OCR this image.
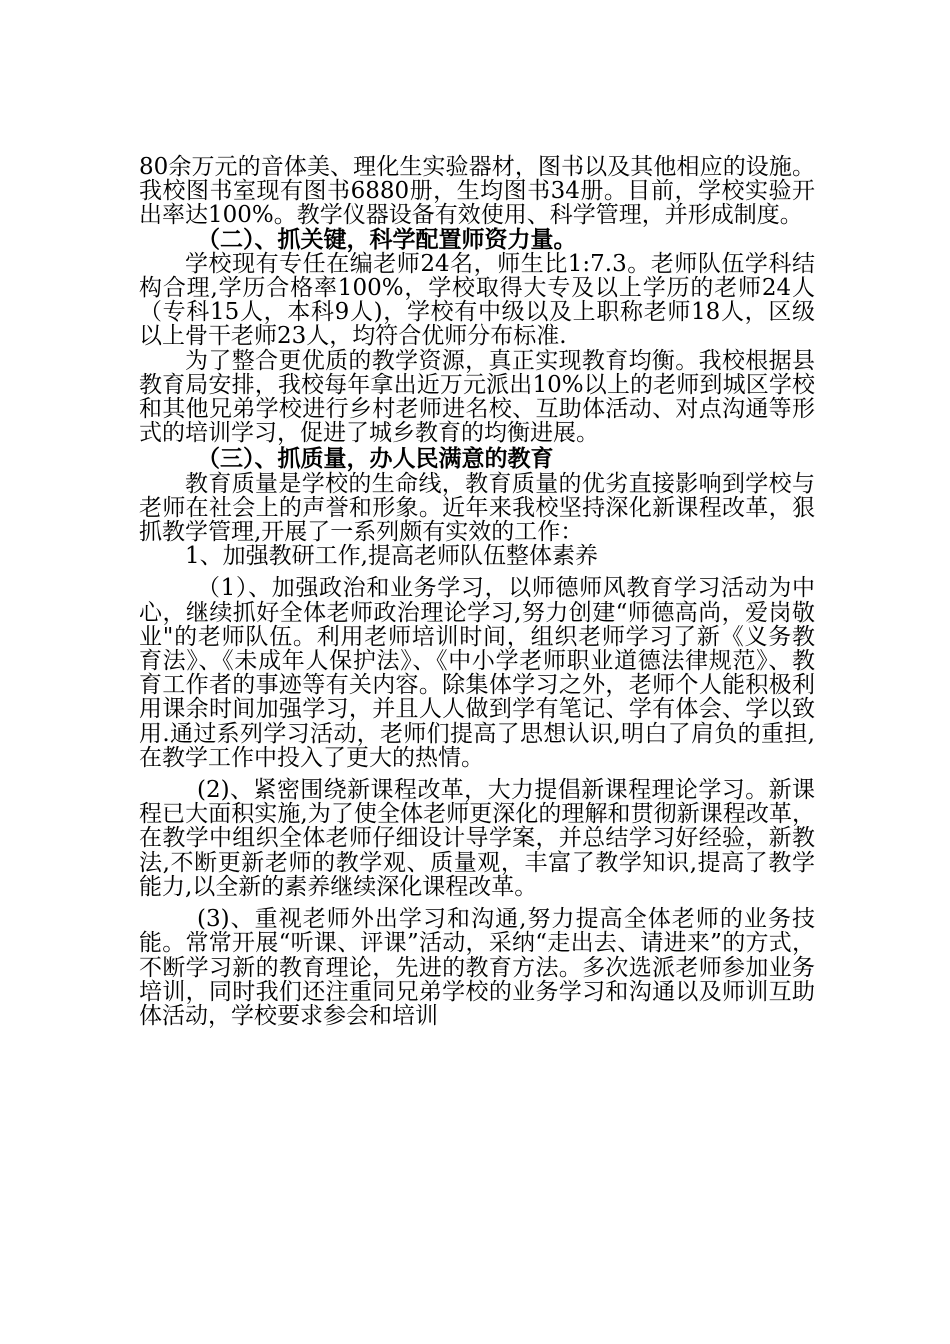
80余万元的音体美、理化生实验器材，图书以及其他相应的设施。我校图书室现有图书6880册，生均图书34册。目前，学校实验开出率达100%。教学仪器设备有效使用、科学管理，并形成制度。

（二）、抓关键，科学配置师资力量。

学校现有专任在编老师24名，师生比1:7.3。老师队伍学科结构合理,学历合格率100%，学校取得大专及以上学历的老师24人（专科15人，本科9人)，学校有中级以及上职称老师18人，区级以上骨干老师23人，均符合优师分布标准.

为了整合更优质的教学资源，真正实现教育均衡。我校根据县教育局安排，我校每年拿出近万元派出10%以上的老师到城区学校和其他兄弟学校进行乡村老师进名校、互助体活动、对点沟通等形式的培训学习，促进了城乡教育的均衡进展。

（三）、抓质量，办人民满意的教育

教育质量是学校的生命线，教育质量的优劣直接影响到学校与老师在社会上的声誉和形象。近年来我校坚持深化新课程改革，狠抓教学管理,开展了一系列颇有实效的工作：

1、加强教研工作,提高老师队伍整体素养

（1）、加强政治和业务学习，以师德师风教育学习活动为中心，继续抓好全体老师政治理论学习,努力创建“师德高尚，爱岗敬业"的老师队伍。利用老师培训时间，组织老师学习了新《义务教育法》、《未成年人保护法》、《中小学老师职业道德法律规范》、教育工作者的事迹等有关内容。除集体学习之外，老师个人能积极利用课余时间加强学习，并且人人做到学有笔记、学有体会、学以致用.通过系列学习活动，老师们提高了思想认识,明白了肩负的重担,在教学工作中投入了更大的热情。

(2)、紧密围绕新课程改革，大力提倡新课程理论学习。新课程已大面积实施,为了使全体老师更深化的理解和贯彻新课程改革，在教学中组织全体老师仔细设计导学案，并总结学习好经验，新教法,不断更新老师的教学观、质量观，丰富了教学知识,提高了教学能力,以全新的素养继续深化课程改革。

(3)、重视老师外出学习和沟通,努力提高全体老师的业务技能。常常开展“听课、评课”活动，采纳“走出去、请进来”的方式，不断学习新的教育理论，先进的教育方法。多次选派老师参加业务培训，同时我们还注重同兄弟学校的业务学习和沟通以及师训互助体活动，学校要求参会和培训
